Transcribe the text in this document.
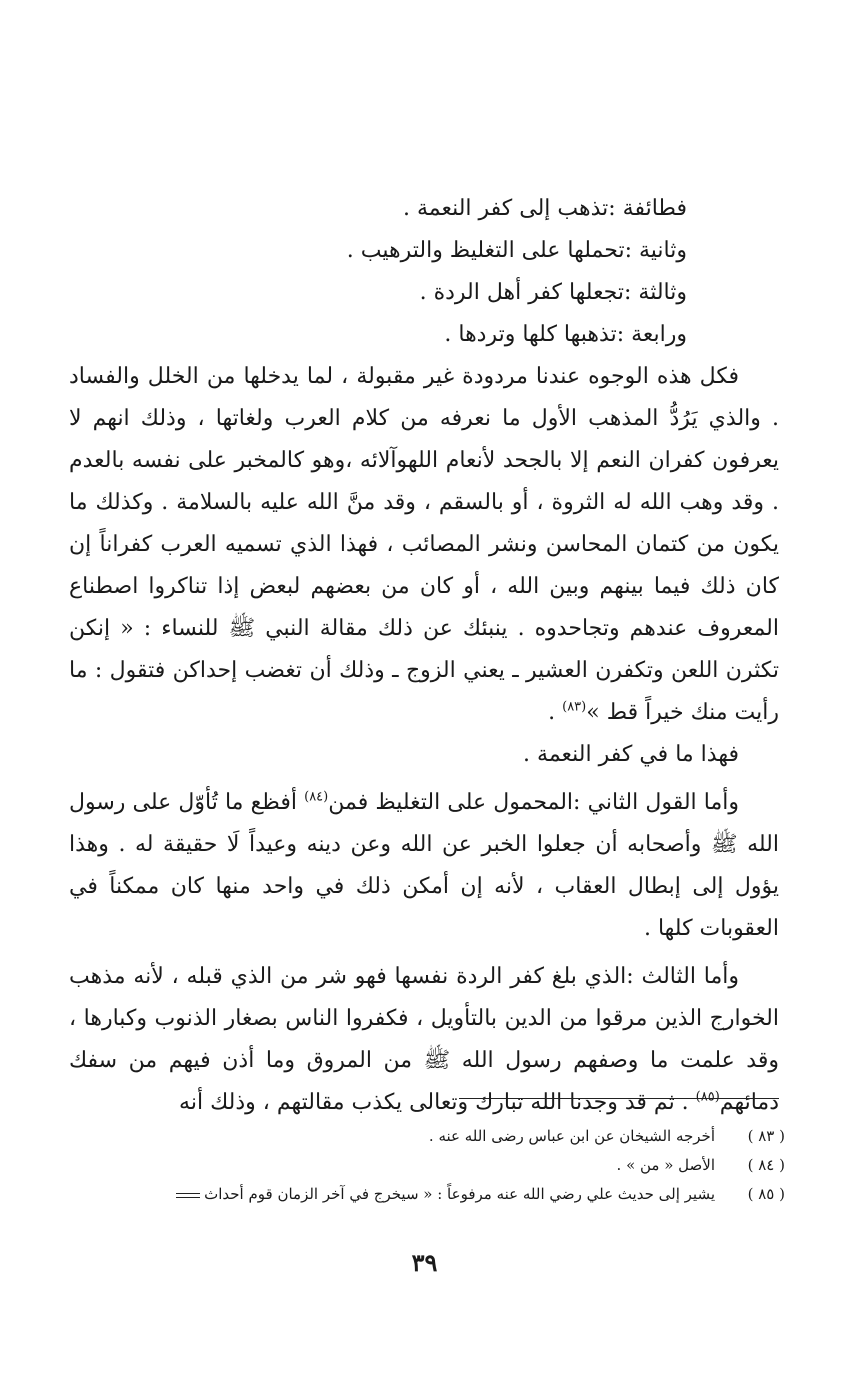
فطائفة :تذهب إلى كفر النعمة .
وثانية :تحملها على التغليظ والترهيب .
وثالثة :تجعلها كفر أهل الردة .
ورابعة :تذهبها كلها وتردها .

فكل هذه الوجوه عندنا مردودة غير مقبولة ، لما يدخلها من الخلل والفساد . والذي يَرُدُّ المذهب الأول ما نعرفه من كلام العرب ولغاتها ، وذلك انهم لا يعرفون كفران النعم إلا بالجحد لأنعام اللهوآلائه ،وهو كالمخبر على نفسه بالعدم . وقد وهب الله له الثروة ، أو بالسقم ، وقد منَّ الله عليه بالسلامة . وكذلك ما يكون من كتمان المحاسن ونشر المصائب ، فهذا الذي تسميه العرب كفراناً إن كان ذلك فيما بينهم وبين الله ، أو كان من بعضهم لبعض إذا تناكروا اصطناع المعروف عندهم وتجاحدوه . ينبئك عن ذلك مقالة النبي ﷺ للنساء : « إنكن تكثرن اللعن وتكفرن العشير ـ يعني الزوج ـ وذلك أن تغضب إحداكن فتقول : ما رأيت منك خيراً قط »$^{(٨٣)}$ .

فهذا ما في كفر النعمة .

وأما القول الثاني :المحمول على التغليظ فمن$^{(٨٤)}$ أفظع ما تُأوّل على رسول الله ﷺ وأصحابه أن جعلوا الخبر عن الله وعن دينه وعيداً لَا حقيقة له . وهذا يؤول إلى إبطال العقاب ، لأنه إن أمكن ذلك في واحد منها كان ممكناً في العقوبات كلها .

وأما الثالث :الذي بلغ كفر الردة نفسها فهو شر من الذي قبله ، لأنه مذهب الخوارج الذين مرقوا من الدين بالتأويل ، فكفروا الناس بصغار الذنوب وكبارها ، وقد علمت ما وصفهم رسول الله ﷺ من المروق وما أذن فيهم من سفك دمائهم$^{(٨٥)}$ . ثم قد وجدنا الله تبارك وتعالى يكذب مقالتهم ، وذلك أنه

( ٨٣ )
أخرجه الشيخان عن ابن عباس رضى الله عنه .
( ٨٤ )
الأصل « من » .
( ٨٥ )
يشير إلى حديث علي رضي الله عنه مرفوعاً : « سيخرج في آخر الزمان قوم أحداث
٣٩
